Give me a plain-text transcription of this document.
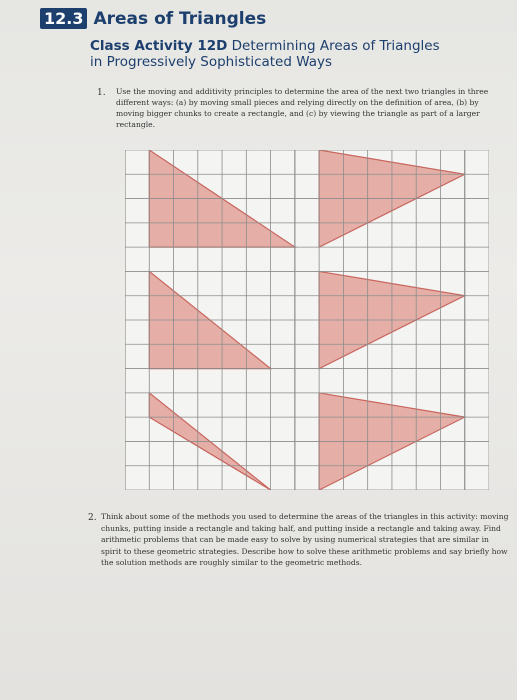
12.3 Areas of Triangles
Class Activity 12D Determining Areas of Triangles in Progressively Sophisticated Ways
1. Use the moving and additivity principles to determine the area of the next two triangles in three different ways: (a) by moving small pieces and relying directly on the definition of area, (b) by moving bigger chunks to create a rectangle, and (c) by viewing the triangle as part of a larger rectangle.
2. Think about some of the methods you used to determine the areas of the triangles in this activity: moving chunks, putting inside a rectangle and taking half, and putting inside a rectangle and taking away. Find arithmetic problems that can be made easy to solve by using numerical strategies that are similar in spirit to these geometric strategies. Describe how to solve these arithmetic problems and say briefly how the solution methods are roughly similar to the geometric methods.
